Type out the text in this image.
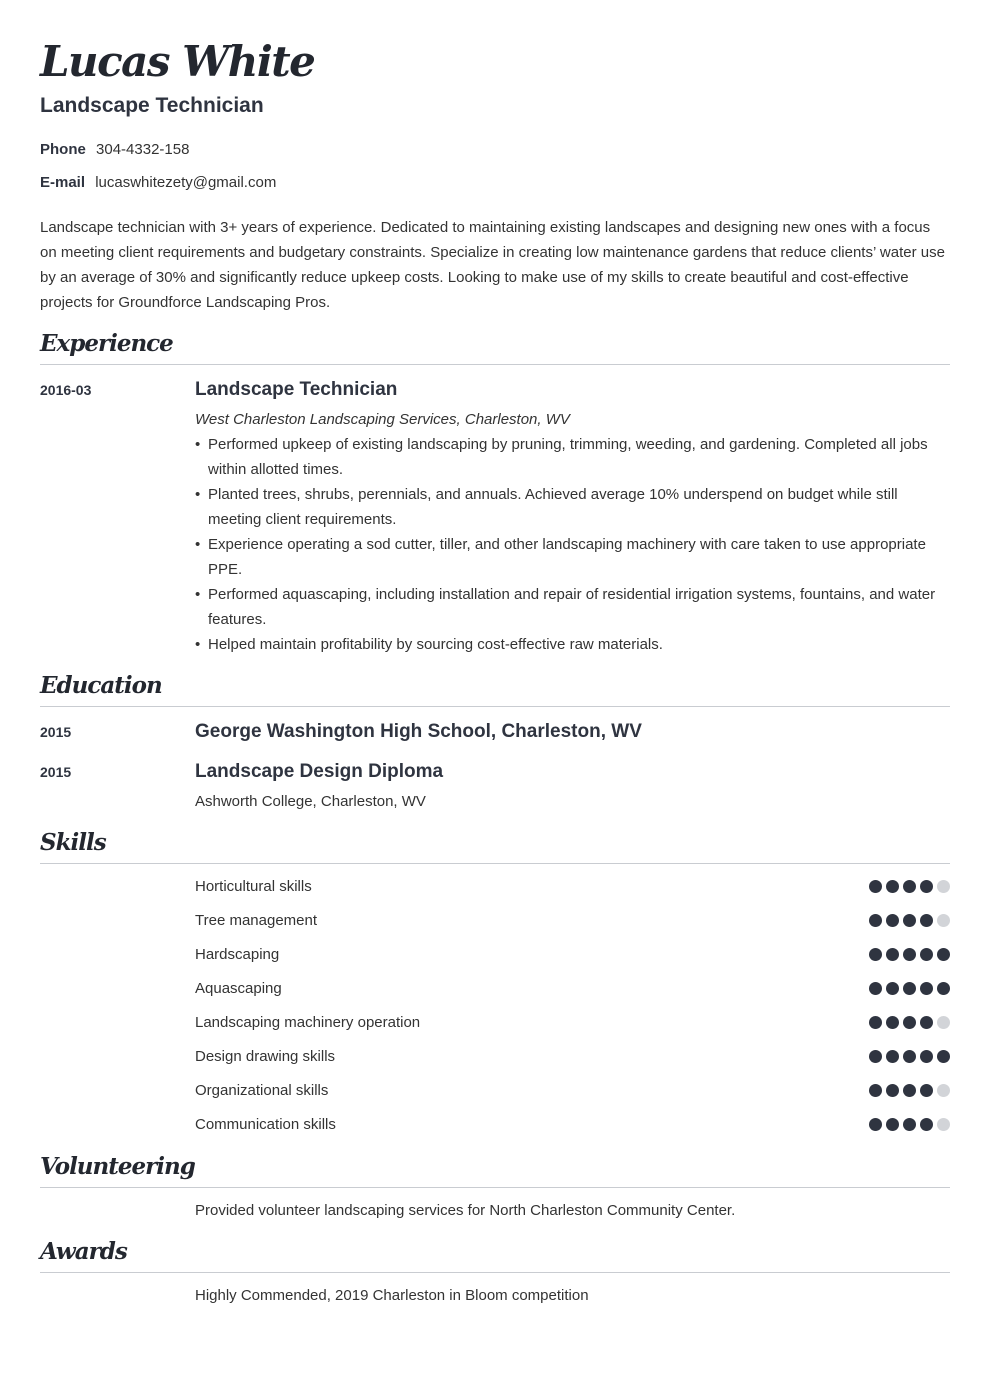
Lucas White
Landscape Technician
Phone 304-4332-158
E-mail lucaswhitezety@gmail.com
Landscape technician with 3+ years of experience. Dedicated to maintaining existing landscapes and designing new ones with a focus on meeting client requirements and budgetary constraints. Specialize in creating low maintenance gardens that reduce clients’ water use by an average of 30% and significantly reduce upkeep costs. Looking to make use of my skills to create beautiful and cost-effective projects for Groundforce Landscaping Pros.
Experience
2016-03	Landscape Technician
West Charleston Landscaping Services, Charleston, WV
• Performed upkeep of existing landscaping by pruning, trimming, weeding, and gardening. Completed all jobs within allotted times.
• Planted trees, shrubs, perennials, and annuals. Achieved average 10% underspend on budget while still meeting client requirements.
• Experience operating a sod cutter, tiller, and other landscaping machinery with care taken to use appropriate PPE.
• Performed aquascaping, including installation and repair of residential irrigation systems, fountains, and water features.
• Helped maintain profitability by sourcing cost-effective raw materials.
Education
2015	George Washington High School, Charleston, WV
2015	Landscape Design Diploma
Ashworth College, Charleston, WV
Skills
Horticultural skills
Tree management
Hardscaping
Aquascaping
Landscaping machinery operation
Design drawing skills
Organizational skills
Communication skills
Volunteering
Provided volunteer landscaping services for North Charleston Community Center.
Awards
Highly Commended, 2019 Charleston in Bloom competition
